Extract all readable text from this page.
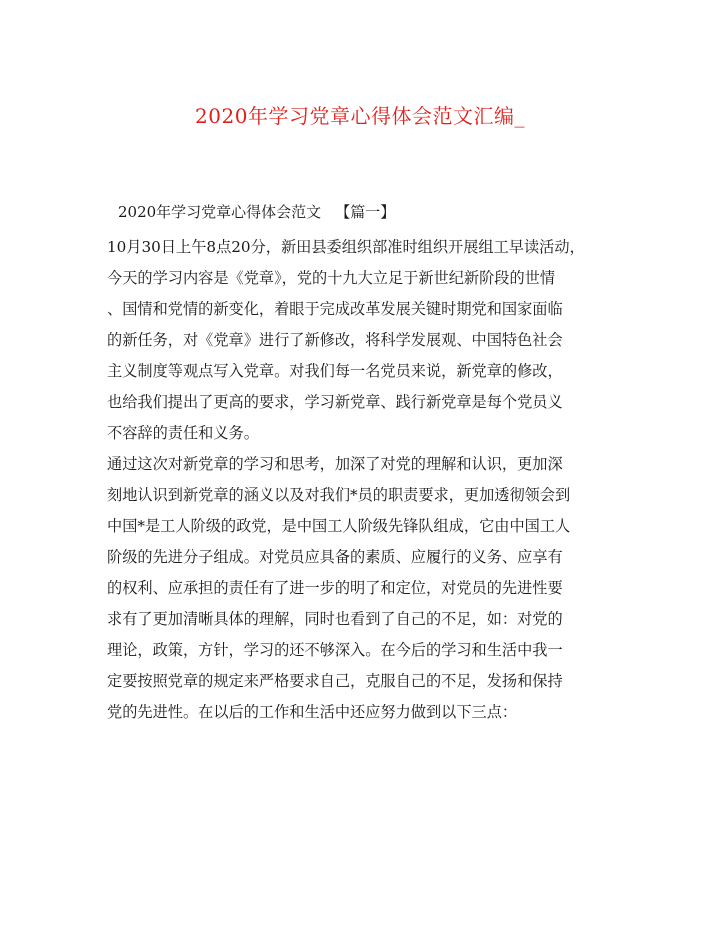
2020年学习党章心得体会范文汇编_
2020年学习党章心得体会范文 【篇一】
10月30日上午8点20分，新田县委组织部准时组织开展组工早读活动，
今天的学习内容是《党章》，党的十九大立足于新世纪新阶段的世情
、国情和党情的新变化，着眼于完成改革发展关键时期党和国家面临
的新任务，对《党章》进行了新修改，将科学发展观、中国特色社会
主义制度等观点写入党章。对我们每一名党员来说，新党章的修改，
也给我们提出了更高的要求，学习新党章、践行新党章是每个党员义
不容辞的责任和义务。
通过这次对新党章的学习和思考，加深了对党的理解和认识，更加深
刻地认识到新党章的涵义以及对我们*员的职责要求，更加透彻领会到
中国*是工人阶级的政党，是中国工人阶级先锋队组成，它由中国工人
阶级的先进分子组成。对党员应具备的素质、应履行的义务、应享有
的权利、应承担的责任有了进一步的明了和定位，对党员的先进性要
求有了更加清晰具体的理解，同时也看到了自己的不足，如：对党的
理论，政策，方针，学习的还不够深入。在今后的学习和生活中我一
定要按照党章的规定来严格要求自己，克服自己的不足，发扬和保持
党的先进性。在以后的工作和生活中还应努力做到以下三点：
